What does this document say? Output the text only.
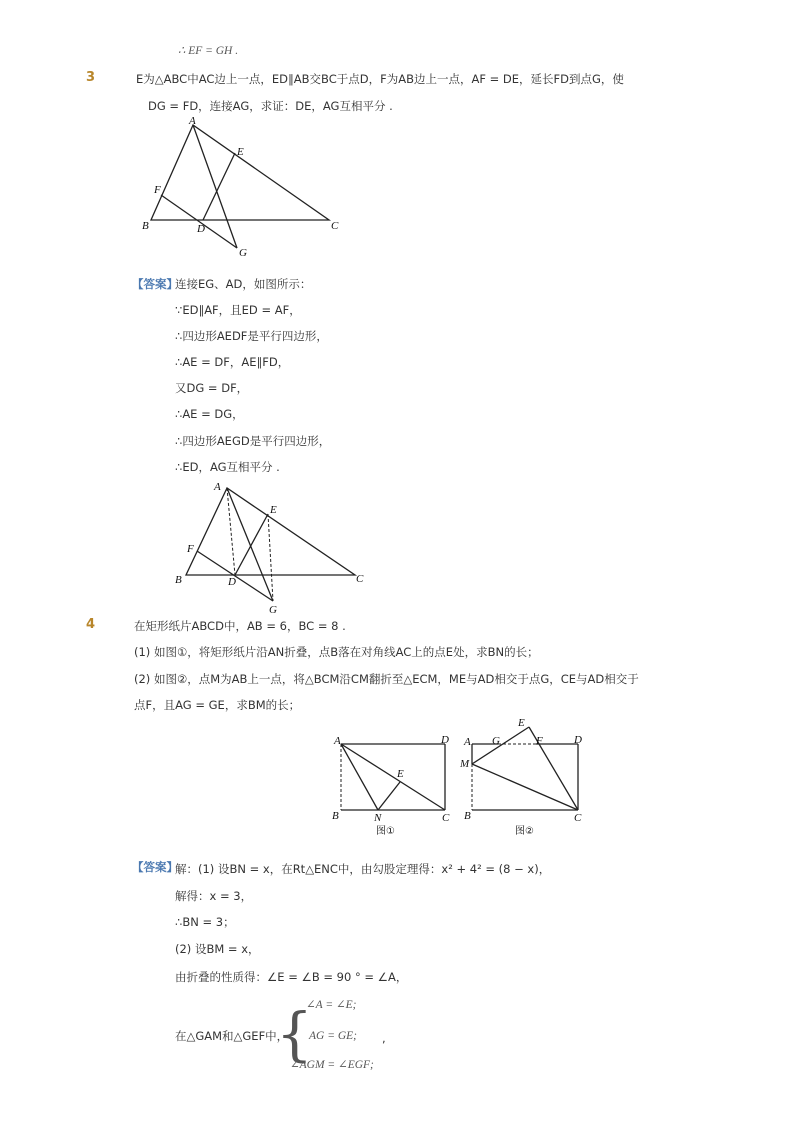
∴ EF = GH .
3	E为△ABC中AC边上一点，ED∥AB交BC于点D，F为AB边上一点，AF = DE，延长FD到点G，使
DG = FD，连接AG，求证：DE，AG互相平分 .
A
B	C
D
E
F
G
【答案】
连接EG、AD，如图所示：
∵ED∥AF，且ED = AF，
∴四边形AEDF是平行四边形，
∴AE = DF，AE∥FD，
又DG = DF，
∴AE = DG，
∴四边形AEGD是平行四边形，
∴ED，AG互相平分 .
A
B	C
D
E
F
G
4	在矩形纸片ABCD中，AB = 6，BC = 8 .
(1) 如图①，将矩形纸片沿AN折叠，点B落在对角线AC上的点E处，求BN的长；
(2) 如图②，点M为AB上一点，将△BCM沿CM翻折至△ECM，ME与AD相交于点G，CE与AD相交于
点F，且AG = GE，求BM的长；
A	D
B	C
E
N
图①
A G
E
F	D
M
B	C
图②
【答案】
解：(1) 设BN = x，在Rt△ENC中，由勾股定理得：x² + 4² = (8 − x)，
解得：x = 3，
∴BN = 3；
(2) 设BM = x，
由折叠的性质得：∠E = ∠B = 90 ° = ∠A，
在△GAM和△GEF中，
{
∠A = ∠E;
AG = GE;
∠AGM = ∠EGF;
,
